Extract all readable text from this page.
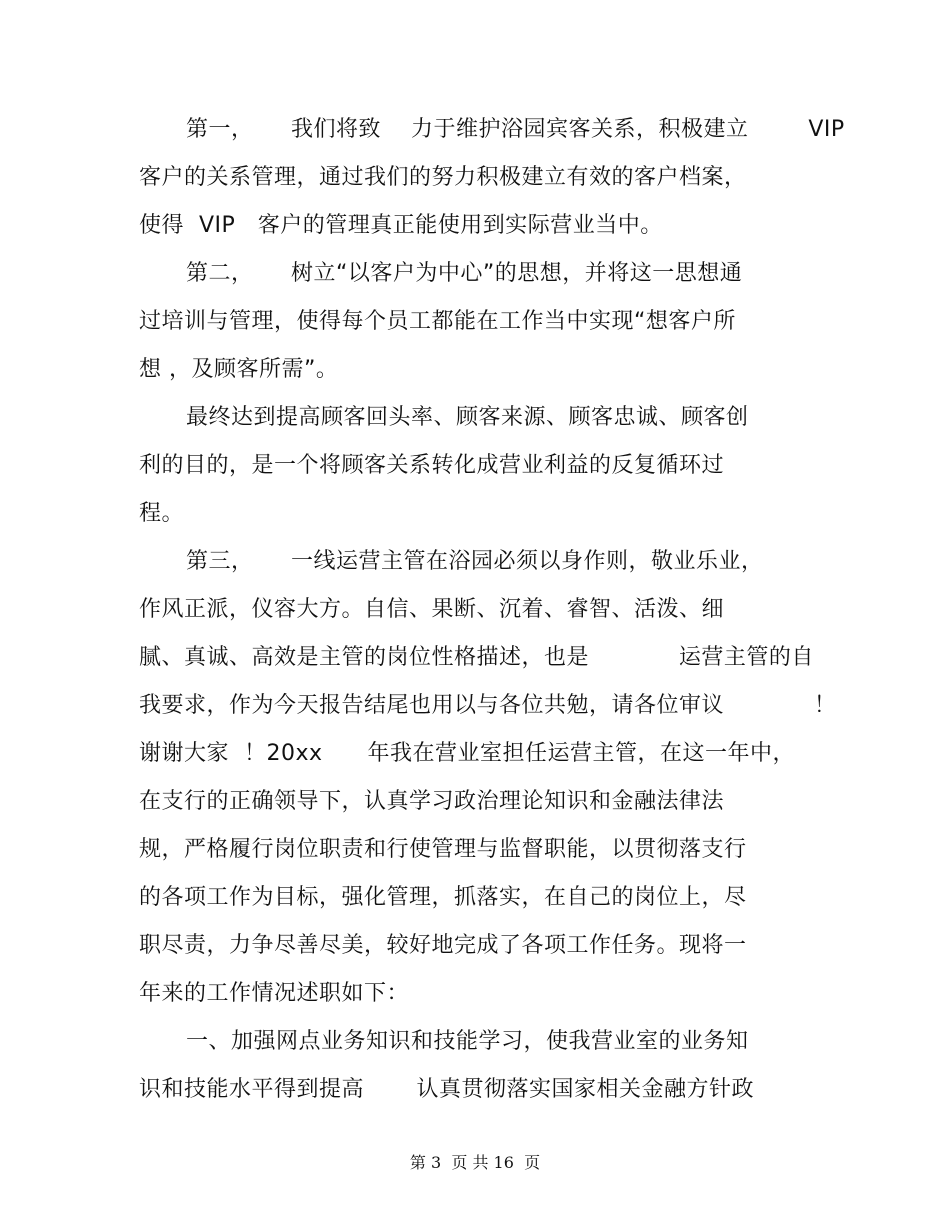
第一，     我们将致    力于维护浴园宾客关系，积极建立        VIP
客户的关系管理，通过我们的努力积极建立有效的客户档案，
使得  VIP   客户的管理真正能使用到实际营业当中。
第二，     树立“以客户为中心”的思想，并将这一思想通
过培训与管理，使得每个员工都能在工作当中实现“想客户所
想 ，及顾客所需”。
最终达到提高顾客回头率、顾客来源、顾客忠诚、顾客创
利的目的，是一个将顾客关系转化成营业利益的反复循环过
程。
第三，     一线运营主管在浴园必须以身作则，敬业乐业，
作风正派，仪容大方。自信、果断、沉着、睿智、活泼、细
腻、真诚、高效是主管的岗位性格描述，也是            运营主管的自
我要求，作为今天报告结尾也用以与各位共勉，请各位审议            ！
谢谢大家  ！20xx      年我在营业室担任运营主管，在这一年中，
在支行的正确领导下，认真学习政治理论知识和金融法律法
规，严格履行岗位职责和行使管理与监督职能，以贯彻落支行
的各项工作为目标，强化管理，抓落实，在自己的岗位上，尽
职尽责，力争尽善尽美，较好地完成了各项工作任务。现将一
年来的工作情况述职如下：
一、加强网点业务知识和技能学习，使我营业室的业务知
识和技能水平得到提高       认真贯彻落实国家相关金融方针政
第 3  页 共 16  页
